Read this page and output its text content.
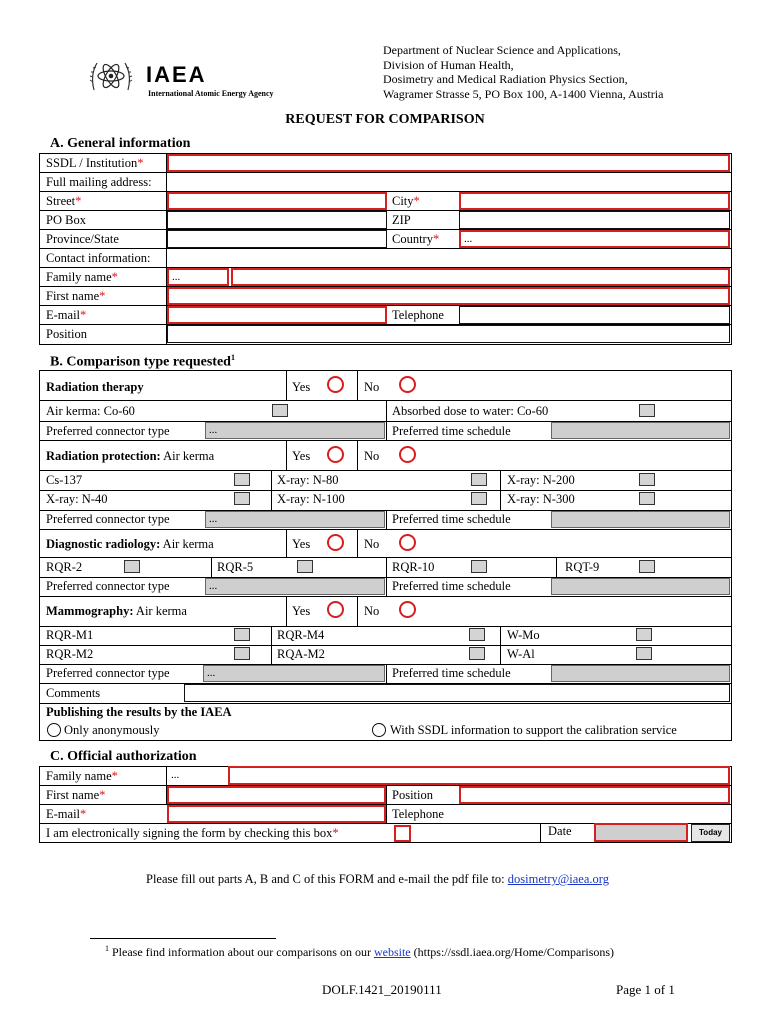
IAEA
International Atomic Energy Agency
Department of Nuclear Science and Applications,
Division of Human Health,
Dosimetry and Medical Radiation Physics Section,
Wagramer Strasse 5, PO Box 100, A-1400 Vienna, Austria
REQUEST FOR COMPARISON
A. General information
SSDL / Institution*
Full mailing address:
Street*	City*
PO Box	ZIP
Province/State	Country* ...
Contact information:
Family name*	...
First name*
E-mail*	Telephone
Position
B. Comparison type requested$^1$
Radiation therapy	Yes	No
Air kerma: Co-60	Absorbed dose to water: Co-60
Preferred connector type	...	Preferred time schedule
Radiation protection: Air kerma	Yes	No
Cs-137	X-ray: N-80	X-ray: N-200
X-ray: N-40	X-ray: N-100	X-ray: N-300
Preferred connector type	...	Preferred time schedule
Diagnostic radiology: Air kerma	Yes	No
RQR-2	RQR-5	RQR-10	RQT-9
Preferred connector type	...	Preferred time schedule
Mammography: Air kerma	Yes	No
RQR-M1	RQR-M4	W-Mo
RQR-M2	RQA-M2	W-Al
Preferred connector type	...	Preferred time schedule
Comments
Publishing the results by the IAEA
Only anonymously	With SSDL information to support the calibration service
C. Official authorization
Family name*	...
First name*	Position
E-mail*	Telephone
I am electronically signing the form by checking this box*	Date	Today
Please fill out parts A, B and C of this FORM and e-mail the pdf file to: dosimetry@iaea.org
$^1$ Please find information about our comparisons on our website (https://ssdl.iaea.org/Home/Comparisons)
DOLF.1421_20190111	Page 1 of 1
